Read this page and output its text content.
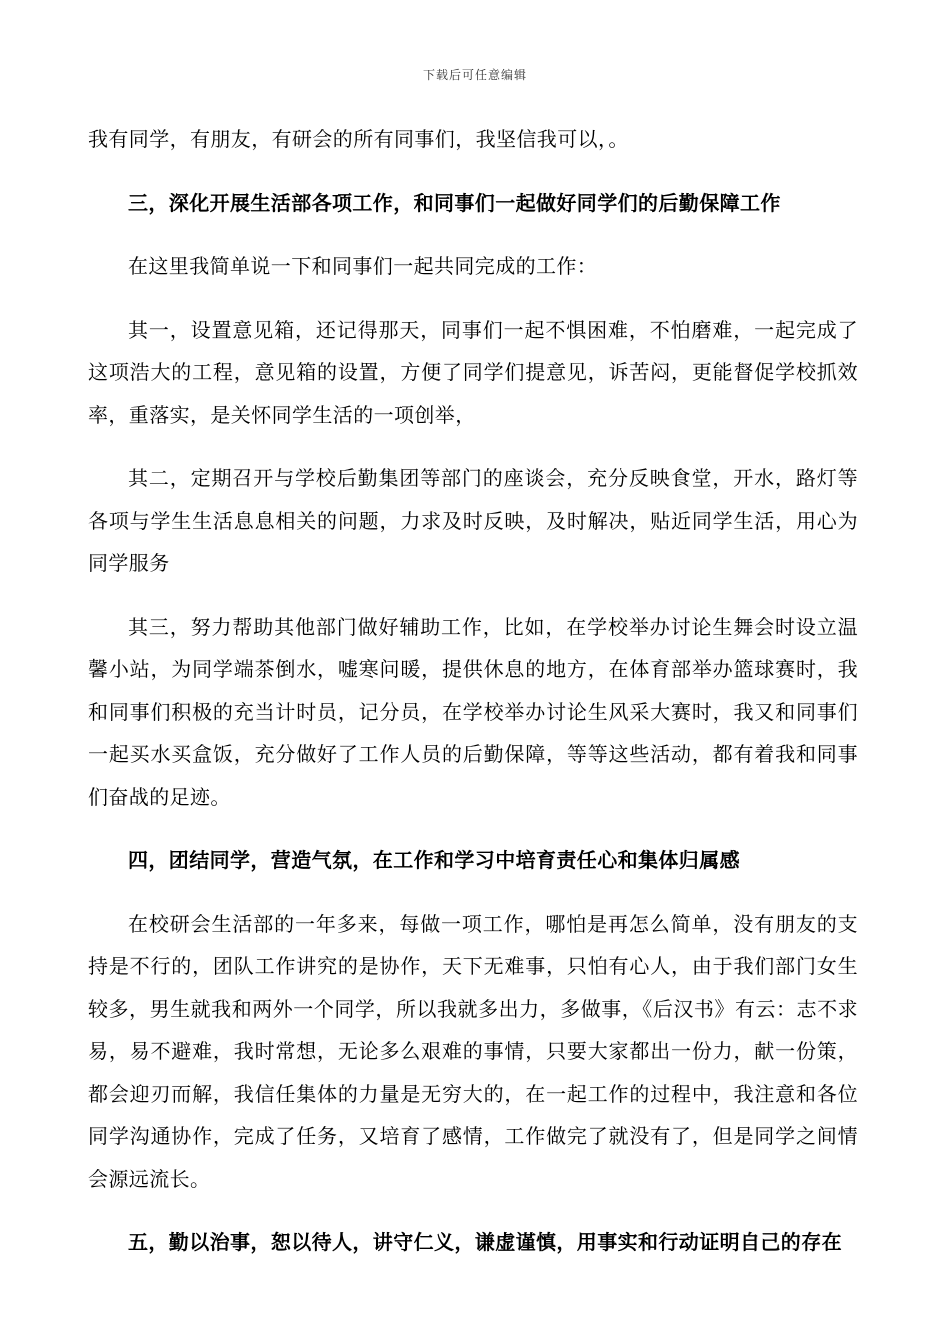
下载后可任意编辑

我有同学，有朋友，有研会的所有同事们，我坚信我可以，。

三，深化开展生活部各项工作，和同事们一起做好同学们的后勤保障工作

在这里我简单说一下和同事们一起共同完成的工作：

其一，设置意见箱，还记得那天，同事们一起不惧困难，不怕磨难，一起完成了这项浩大的工程，意见箱的设置，方便了同学们提意见，诉苦闷，更能督促学校抓效率，重落实，是关怀同学生活的一项创举，

其二，定期召开与学校后勤集团等部门的座谈会，充分反映食堂，开水，路灯等各项与学生生活息息相关的问题，力求及时反映，及时解决，贴近同学生活，用心为同学服务

其三，努力帮助其他部门做好辅助工作，比如，在学校举办讨论生舞会时设立温馨小站，为同学端茶倒水，嘘寒问暖，提供休息的地方，在体育部举办篮球赛时，我和同事们积极的充当计时员，记分员，在学校举办讨论生风采大赛时，我又和同事们一起买水买盒饭，充分做好了工作人员的后勤保障，等等这些活动，都有着我和同事们奋战的足迹。

四，团结同学，营造气氛，在工作和学习中培育责任心和集体归属感

在校研会生活部的一年多来，每做一项工作，哪怕是再怎么简单，没有朋友的支持是不行的，团队工作讲究的是协作，天下无难事，只怕有心人，由于我们部门女生较多，男生就我和两外一个同学，所以我就多出力，多做事，《后汉书》有云：志不求易，易不避难，我时常想，无论多么艰难的事情，只要大家都出一份力，献一份策，都会迎刃而解，我信任集体的力量是无穷大的，在一起工作的过程中，我注意和各位同学沟通协作，完成了任务，又培育了感情，工作做完了就没有了，但是同学之间情会源远流长。

五，勤以治事，恕以待人，讲守仁义，谦虚谨慎，用事实和行动证明自己的存在
